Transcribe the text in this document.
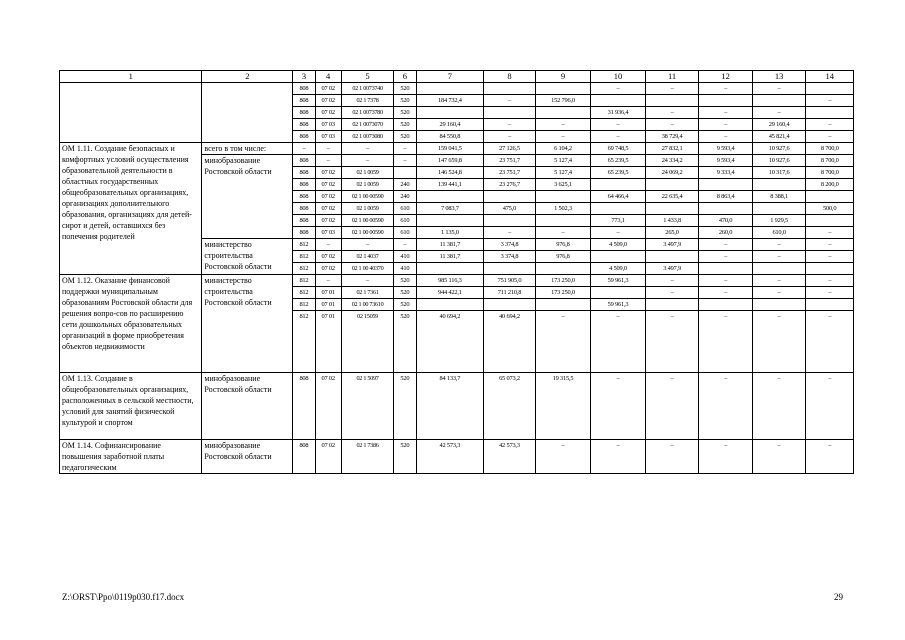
1	2	3	4	5	6	7	8	9	10	11	12	13	14
		808	07 02	02 1 0073740	520				–	–	–	–	
		808	07 02	02 1 7378	520	184 732,4	–	152 796,0					–
		808	07 02	02 1 0073780	520				31 936,4	–	–	–	
		808	07 03	02 1 0073070	520	29 160,4	–	–	–	–	–	29 160,4	–
		808	07 03	02 1 0073080	520	84 550,8	–	–	–	38 729,4	–	45 821,4	–
ОМ 1.11. Создание безопасных и комфортных условий осуществления образовательной деятельности в областных государственных общеобразовательных организациях, организациях дополнительного образования, организациях для детей-сирот и детей, оставшихся без попечения родителей	всего в том числе:	–	–	–	–	159 041,5	27 126,5	6 104,2	69 748,5	27 832,1	9 593,4	10 927,6	8 700,0
	минобразование Ростовской области	808	–	–	–	147 659,8	23 751,7	5 127,4	65 239,5	24 334,2	9 593,4	10 927,6	8 700,0
		808	07 02	02 1 0059		146 524,8	23 751,7	5 127,4	65 239,5	24 069,2	9 333,4	10 317,6	8 700,0
		808	07 02	02 1 0059	240	139 441,1	23 276,7	3 625,1					8 200,0
		808	07 02	02 1 00 00590	240				64 466,4	22 635,4	8 863,4	8 388,1	
		808	07 02	02 1 0059	610	7 083,7	475,0	1 502,3					500,0
		808	07 02	02 1 00 00590	610				773,1	1 433,8	470,0	1 929,5	
		808	07 03	02 1 00 00590	610	1 135,0	–	–	–	265,0	260,0	610,0	–
	министерство строительства Ростовской области	812	–	–	–	11 381,7	3 374,8	976,8	4 509,0	3 497,9	–	–	–
		812	07 02	02 1 4037	410	11 381,7	3 374,8	976,8			–	–	–
		812	07 02	02 1 00 40370	410				4 509,0	3 497,9			
ОМ 1.12. Оказание финансовой поддержки муниципальным образованиям Ростовской области для решения вопро-сов по расширению сети дошкольных образовательных организаций в форме приобретения объектов недвижимости	министерство строительства Ростовской области	812	–	–	520	985 116,3	751 905,0	173 250,0	59 961,3	–	–	–	–
		812	07 01	02 1 7361	520	944 422,1	711 210,8	173 250,0		–	–	–	–
		812	07 01	02 1 00 73610	520				59 961,3				
		812	07 01	02 15059	520	40 694,2	40 694,2	–	–	–	–	–	–
ОМ 1.13. Создание в общеобразовательных организациях, расположенных в сельской местности, условий для занятий физической культурой и спортом	минобразование Ростовской области	808	07 02	02 1 5097	520	84 133,7	65 073,2	19 315,5	–	–	–	–	–
ОМ 1.14. Софинансирование повышения заработной платы педагогическим	минобразование Ростовской области	808	07 02	02 1 7386	520	42 573,3	42 573,3	–	–	–	–	–	–
Z:\ORST\Ppo\0119p030.f17.docx	29
